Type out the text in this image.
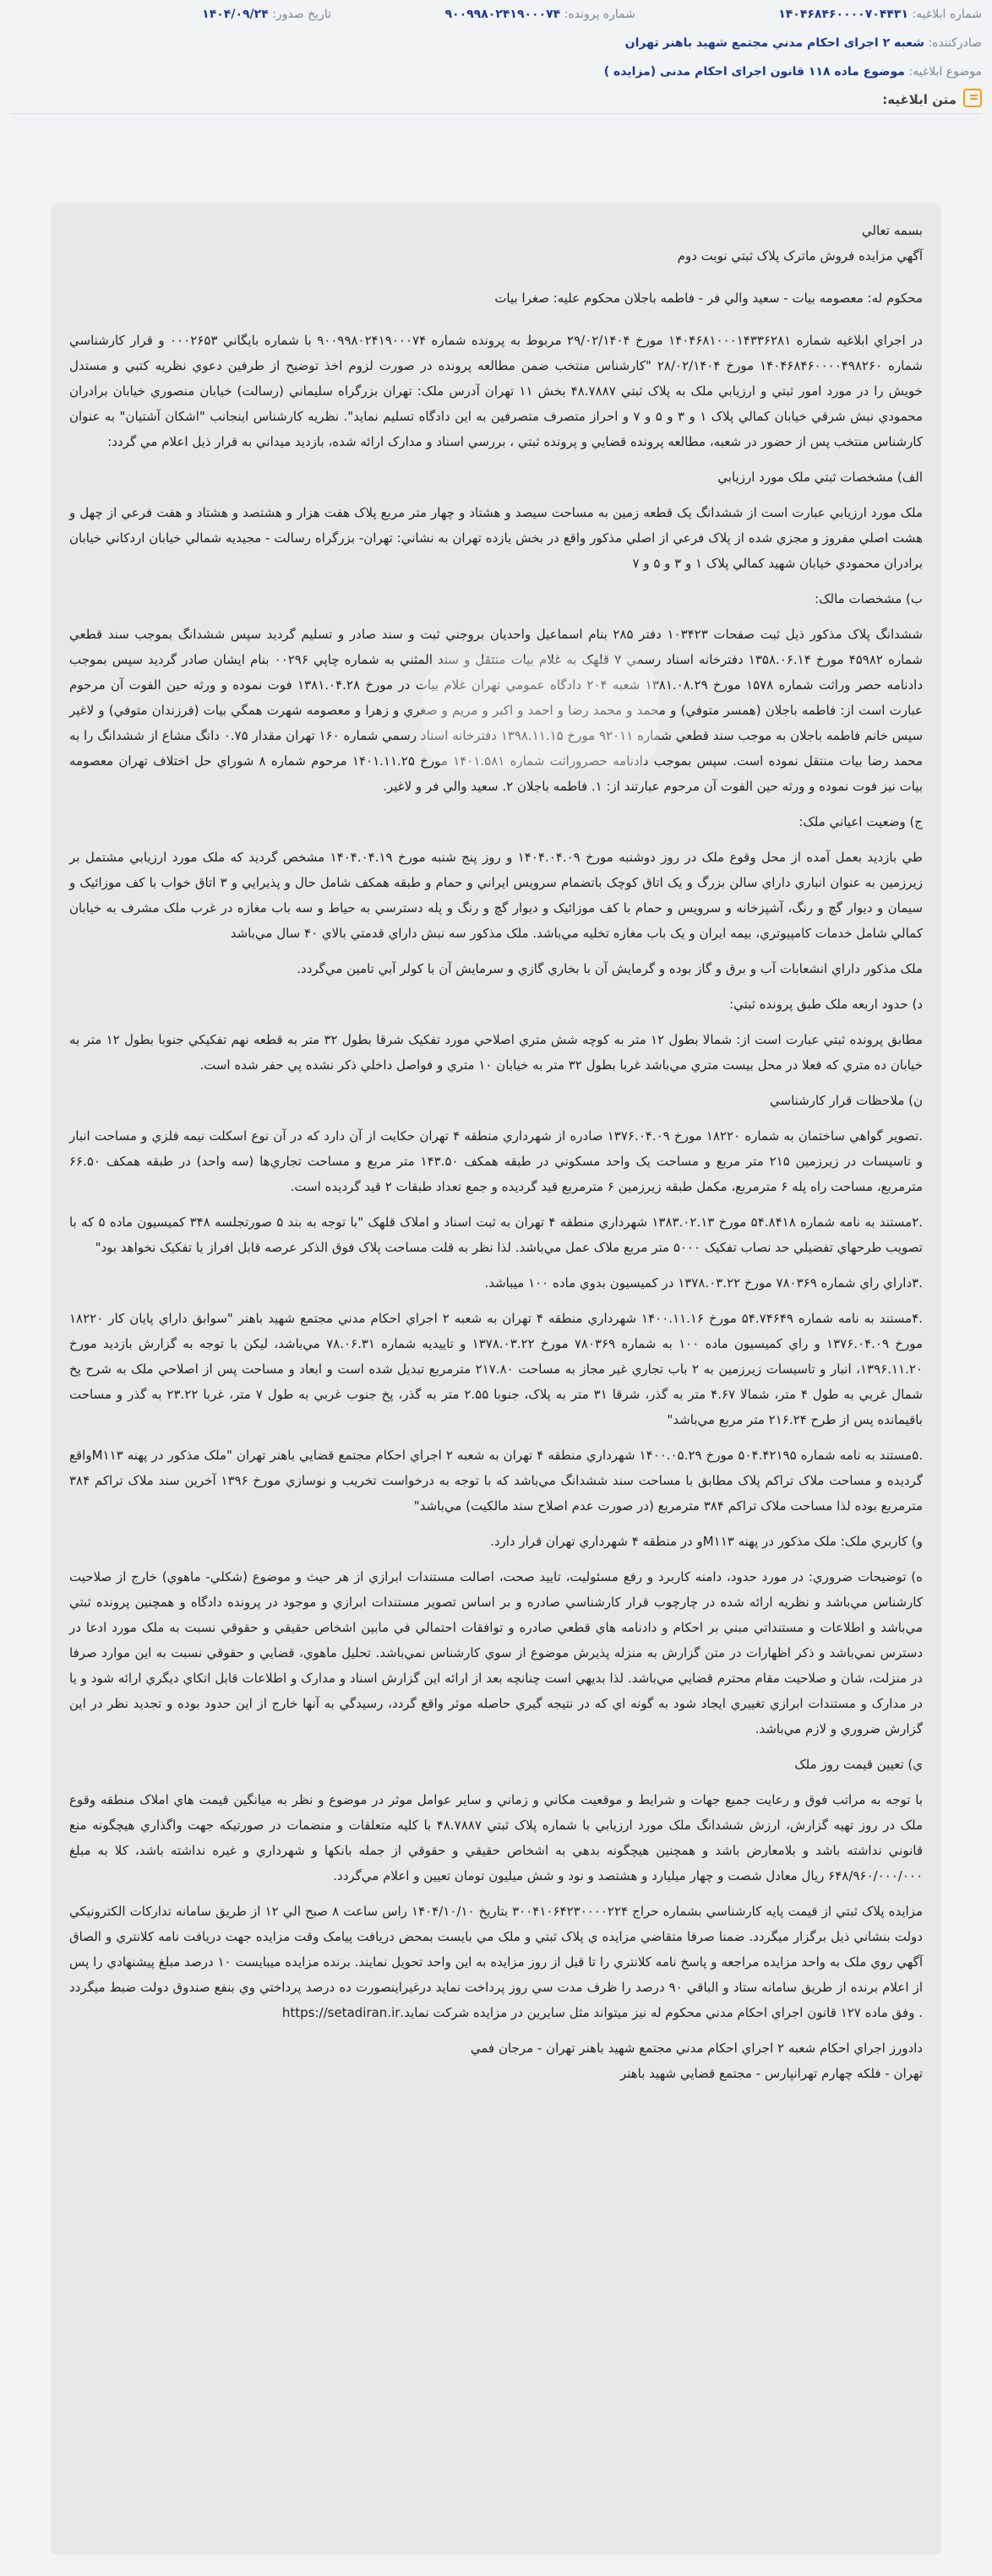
شماره ابلاغیه: ۱۴۰۴۶۸۴۶۰۰۰۰۷۰۴۴۳۱
شماره پرونده: ۹۰۰۹۹۸۰۲۴۱۹۰۰۰۷۴
تاریخ صدور: ۱۴۰۴/۰۹/۲۴
صادرکننده: شعبه ۲ اجرای احکام مدني مجتمع شهید باهنر تهران
موضوع ابلاغیه: موضوع ماده ۱۱۸ قانون اجرای احکام مدنی (مزایده )
متن ابلاغیه:

بسمه تعالي

آگهي مزايده فروش ماترک پلاک ثبتي نوبت دوم

محکوم له: معصومه بيات - سعيد والي فر - فاطمه باجلان محکوم عليه: صغرا بيات

در اجراي ابلاغيه شماره ۱۴۰۴۶۸۱۰۰۰۱۴۳۳۶۲۸۱ مورخ ۲۹/۰۲/۱۴۰۴ مربوط به پرونده شماره ۹۰۰۹۹۸۰۲۴۱۹۰۰۰۷۴ با شماره بايگاني ۰۰۰۲۶۵۳ و قرار کارشناسي شماره ۱۴۰۴۶۸۴۶۰۰۰۰۴۹۸۲۶۰ مورخ ۲۸/۰۲/۱۴۰۴ "کارشناس منتخب ضمن مطالعه پرونده در صورت لزوم اخذ توضيح از طرفين دعوي نظريه کتبي و مستدل خويش را در مورد امور ثبتي و ارزيابي ملک به پلاک ثبتي ۴۸.۷۸۸۷ بخش ۱۱ تهران آدرس ملک: تهران بزرگراه سليماني (رسالت) خيابان منصوري خيابان برادران محمودي نبش شرقي خيابان کمالي پلاک ۱ و ۳ و ۵ و ۷ و احراز متصرف متصرفين به اين دادگاه تسليم نمايد". نظريه کارشناس اينجانب "اشکان آشتيان" به عنوان کارشناس منتخب پس از حضور در شعبه، مطالعه پرونده قضايي و پرونده ثبتي ، بررسي اسناد و مدارک ارائه شده، بازديد ميداني به قرار ذيل اعلام مي گردد:

الف) مشخصات ثبتي ملک مورد ارزيابي

ملک مورد ارزيابي عبارت است از ششدانگ يک قطعه زمين به مساحت سيصد و هشتاد و چهار متر مربع پلاک هفت هزار و هشتصد و هشتاد و هفت فرعي از چهل و هشت اصلي مفروز و مجزي شده از پلاک فرعي از اصلي مذکور واقع در بخش يازده تهران به نشاني: تهران- بزرگراه رسالت - مجيديه شمالي خيابان اردکاني خيابان برادران محمودي خيابان شهيد کمالي پلاک ۱ و ۳ و ۵ و ۷

ب) مشخصات مالک:

ششدانگ پلاک مذکور ذيل ثبت صفحات ۱۰۳۴۲۳ دفتر ۲۸۵ بنام اسماعيل واحديان بروجني ثبت و سند صادر و تسليم گرديد سپس ششدانگ بموجب سند قطعي شماره ۴۵۹۸۲ مورخ ۱۳۵۸.۰۶.۱۴ دفترخانه اسناد رسمي ۷ قلهک به غلام بيات منتقل و سند المثني به شماره چاپي ۰۰۲۹۶ بنام ايشان صادر گرديد سپس بموجب دادنامه حصر وراثت شماره ۱۵۷۸ مورخ ۱۳۸۱.۰۸.۲۹ شعبه ۲۰۴ دادگاه عمومي تهران غلام بيات در مورخ ۱۳۸۱.۰۴.۲۸ فوت نموده و ورثه حين الفوت آن مرحوم عبارت است از: فاطمه باجلان (همسر متوفي) و محمد و محمد رضا و احمد و اکبر و مريم و صغري و زهرا و معصومه شهرت همگي بيات (فرزندان متوفي) و لاغير سپس خانم فاطمه باجلان به موجب سند قطعي شماره ۹۲۰۱۱ مورخ ۱۳۹۸.۱۱.۱۵ دفترخانه اسناد رسمي شماره ۱۶۰ تهران مقدار ۰.۷۵ دانگ مشاع از ششدانگ را به محمد رضا بيات منتقل نموده است. سپس بموجب دادنامه حصروراثت شماره ۱۴۰۱.۵۸۱ مورخ ۱۴۰۱.۱۱.۲۵ مرحوم شماره ۸ شوراي حل اختلاف تهران معصومه بيات نيز فوت نموده و ورثه حين الفوت آن مرحوم عبارتند از: ۱. فاطمه باجلان ۲. سعيد والي فر و لاغير.

ج) وضعيت اعياني ملک:

طي بازديد بعمل آمده از محل وقوع ملک در روز دوشنبه مورخ ۱۴۰۴.۰۴.۰۹ و روز پنج شنبه مورخ ۱۴۰۴.۰۴.۱۹ مشخص گرديد که ملک مورد ارزيابي مشتمل بر زيرزمين به عنوان انباري داراي سالن بزرگ و يک اتاق کوچک باتضمام سرويس ايراني و حمام و طبقه همکف شامل حال و پذيرايي و ۳ اتاق خواب با کف موزائيک و سيمان و ديوار گچ و رنگ، آشپزخانه و سرويس و حمام با کف موزائيک و ديوار گچ و رنگ و پله دسترسي به حياط و سه باب مغازه در غرب ملک مشرف به خيابان کمالي شامل خدمات کامپيوتري، بيمه ايران و يک باب مغازه تخليه مي‌باشد. ملک مذکور سه نبش داراي قدمتي بالاي ۴۰ سال مي‌باشد

ملک مذکور داراي انشعابات آب و برق و گاز بوده و گرمايش آن با بخاري گازي و سرمايش آن با کولر آبي تامين مي‌گردد.

د) حدود اربعه ملک طبق پرونده ثبتي:

مطابق پرونده ثبتي عبارت است از: شمالا بطول ۱۲ متر به کوچه شش متري اصلاحي مورد تفکيک شرقا بطول ۳۲ متر به قطعه نهم تفکيکي جنوبا بطول ۱۲ متر به خيابان ده متري که فعلا در محل بيست متري مي‌باشد غربا بطول ۳۲ متر به خيابان ۱۰ متري و فواصل داخلي ذکر نشده پي حفر شده است.

ن) ملاحظات قرار کارشناسي

.تصوير گواهي ساختمان به شماره ۱۸۲۲۰ مورخ ۱۳۷۶.۰۴.۰۹ صادره از شهرداري منطقه ۴ تهران حکايت از آن دارد که در آن نوع اسکلت نيمه فلزي و مساحت انبار و تاسيسات در زيرزمين ۲۱۵ متر مربع و مساحت يک واحد مسکوني در طبقه همکف ۱۴۳.۵۰ متر مربع و مساحت تجاري‌ها (سه واحد) در طبقه همکف ۶۶.۵۰ مترمربع، مساحت راه پله ۶ مترمربع، مکمل طبقه زيرزمين ۶ مترمربع قيد گرديده و جمع تعداد طبقات ۲ قيد گرديده است.

.۲مستند به نامه شماره ۵۴.۸۴۱۸ مورخ ۱۳۸۳.۰۲.۱۳ شهرداري منطقه ۴ تهران به ثبت اسناد و املاک قلهک "با توجه به بند ۵ صورتجلسه ۳۴۸ کميسيون ماده ۵ که با تصويب طرحهاي تفضيلي حد نصاب تفکيک ۵۰۰۰ متر مربع ملاک عمل مي‌باشد. لذا نظر به قلت مساحت پلاک فوق الذکر عرصه قابل افراز يا تفکيک نخواهد بود"

.۳داراي راي شماره ۷۸۰۳۶۹ مورخ ۱۳۷۸.۰۳.۲۲ در کميسيون بدوي ماده ۱۰۰ ميباشد.

.۴مستند به نامه شماره ۵۴.۷۴۶۴۹ مورخ ۱۴۰۰.۱۱.۱۶ شهرداري منطقه ۴ تهران به شعبه ۲ اجراي احکام مدني مجتمع شهيد باهنر "سوابق داراي پايان کار ۱۸۲۲۰ مورخ ۱۳۷۶.۰۴.۰۹ و راي کميسيون ماده ۱۰۰ به شماره ۷۸۰۳۶۹ مورخ ۱۳۷۸.۰۳.۲۲ و تاييديه شماره ۷۸.۰۶.۳۱ مي‌باشد، ليکن با توجه به گزارش بازديد مورخ ۱۳۹۶.۱۱.۲۰، انبار و تاسيسات زيرزمين به ۲ باب تجاري غير مجاز به مساحت ۲۱۷.۸۰ مترمربع تبديل شده است و ابعاد و مساحت پس از اصلاحي ملک به شرح پخ شمال غربي به طول ۴ متر، شمالا ۴.۶۷ متر به گذر، شرقا ۳۱ متر به پلاک، جنوبا ۲.۵۵ متر به گذر، پخ جنوب غربي به طول ۷ متر، غربا ۲۳.۲۲ به گذر و مساحت باقيمانده پس از طرح ۲۱۶.۲۴ متر مربع مي‌باشد"

.۵مستند به نامه شماره ۵۰۴.۴۲۱۹۵ مورخ ۱۴۰۰.۰۵.۲۹ شهرداري منطقه ۴ تهران به شعبه ۲ اجراي احکام مجتمع قضايي باهنر تهران "ملک مذکور در پهنه M۱۱۳واقع گرديده و مساحت ملاک تراکم پلاک مطابق با مساحت سند ششدانگ مي‌باشد که با توجه به درخواست تخريب و نوسازي مورخ ۱۳۹۶ آخرين سند ملاک تراکم ۳۸۴ مترمربع بوده لذا مساحت ملاک تراکم ۳۸۴ مترمربع (در صورت عدم اصلاح سند مالکيت) مي‌باشد"

و) کاربري ملک: ملک مذکور در پهنه M۱۱۳و در منطقه ۴ شهرداري تهران قرار دارد.

ه) توضيحات ضروري: در مورد حدود، دامنه کاربرد و رفع مسئوليت، تاييد صحت، اصالت مستندات ابرازي از هر حيث و موضوع (شکلي- ماهوي) خارج از صلاحيت کارشناس مي‌باشد و نظريه ارائه شده در چارچوب قرار کارشناسي صادره و بر اساس تصوير مستندات ابرازي و موجود در پرونده دادگاه و همچنين پرونده ثبتي مي‌باشد و اطلاعات و مستنداتي مبني بر احکام و دادنامه هاي قطعي صادره و توافقات احتمالي في مابين اشخاص حقيقي و حقوقي نسبت به ملک مورد ادعا در دسترس نمي‌باشد و ذکر اظهارات در متن گزارش به منزله پذيرش موضوع از سوي کارشناس نمي‌باشد. تحليل ماهوي، قضايي و حقوقي نسبت به اين موارد صرفا در منزلت، شان و صلاحيت مقام محترم قضايي مي‌باشد. لذا بديهي است چنانچه بعد از ارائه اين گزارش اسناد و مدارک و اطلاعات قابل اتکاي ديگري ارائه شود و يا در مدارک و مستندات ابرازي تغييري ايجاد شود به گونه اي که در نتيجه گيري حاصله موثر واقع گردد، رسيدگي به آنها خارج از اين حدود بوده و تجديد نظر در اين گزارش ضروري و لازم مي‌باشد.

ي) تعيين قيمت روز ملک

با توجه به مراتب فوق و رعايت جميع جهات و شرايط و موقعيت مکاني و زماني و ساير عوامل موثر در موضوع و نظر به ميانگين قيمت هاي املاک منطقه وقوع ملک در روز تهيه گزارش، ارزش ششدانگ ملک مورد ارزيابي با شماره پلاک ثبتي ۴۸.۷۸۸۷ با کليه متعلقات و منضمات در صورتيکه جهت واگذاري هيچگونه منع قانوني نداشته باشد و بلامعارض باشد و همچنين هيچگونه بدهي به اشخاص حقيقي و حقوقي از جمله بانکها و شهرداري و غيره نداشته باشد، کلا به مبلغ ۶۴۸/۹۶۰/۰۰۰/۰۰۰ ريال معادل شصت و چهار ميليارد و هشتصد و نود و شش ميليون تومان تعيين و اعلام مي‌گردد.

مزايده پلاک ثبتي از قيمت پايه کارشناسي بشماره حراج ۳۰۰۴۱۰۶۴۲۳۰۰۰۰۲۲۴ بتاريخ ۱۴۰۴/۱۰/۱۰ راس ساعت ۸ صبح الي ۱۲ از طريق سامانه تدارکات الکترونيکي دولت بنشاني ذيل برگزار ميگردد. ضمنا صرفا متقاضي مزايده ي پلاک ثبتي و ملک مي بايست بمحض دريافت پيامک وقت مزايده جهت دريافت نامه کلانتري و الصاق آگهي روي ملک به واحد مزايده مراجعه و پاسخ نامه کلانتري را تا قبل از روز مزايده به اين واحد تحويل نمايند. برنده مزايده ميبايست ۱۰ درصد مبلغ پيشنهادي را پس از اعلام برنده از طريق سامانه ستاد و الباقي ۹۰ درصد را ظرف مدت سي روز پرداخت نمايد درغيراينصورت ده درصد پرداختي وي بنفع صندوق دولت ضبط ميگردد . وفق ماده ۱۲۷ قانون اجراي احکام مدني محکوم له نيز ميتواند مثل سايرين در مزايده شرکت نمايد.https://setadiran.ir

دادورز اجراي احکام شعبه ۲ اجراي احکام مدني مجتمع شهيد باهنر تهران - مرجان فمي

تهران - فلکه چهارم تهرانپارس - مجتمع قضايي شهيد باهنر
